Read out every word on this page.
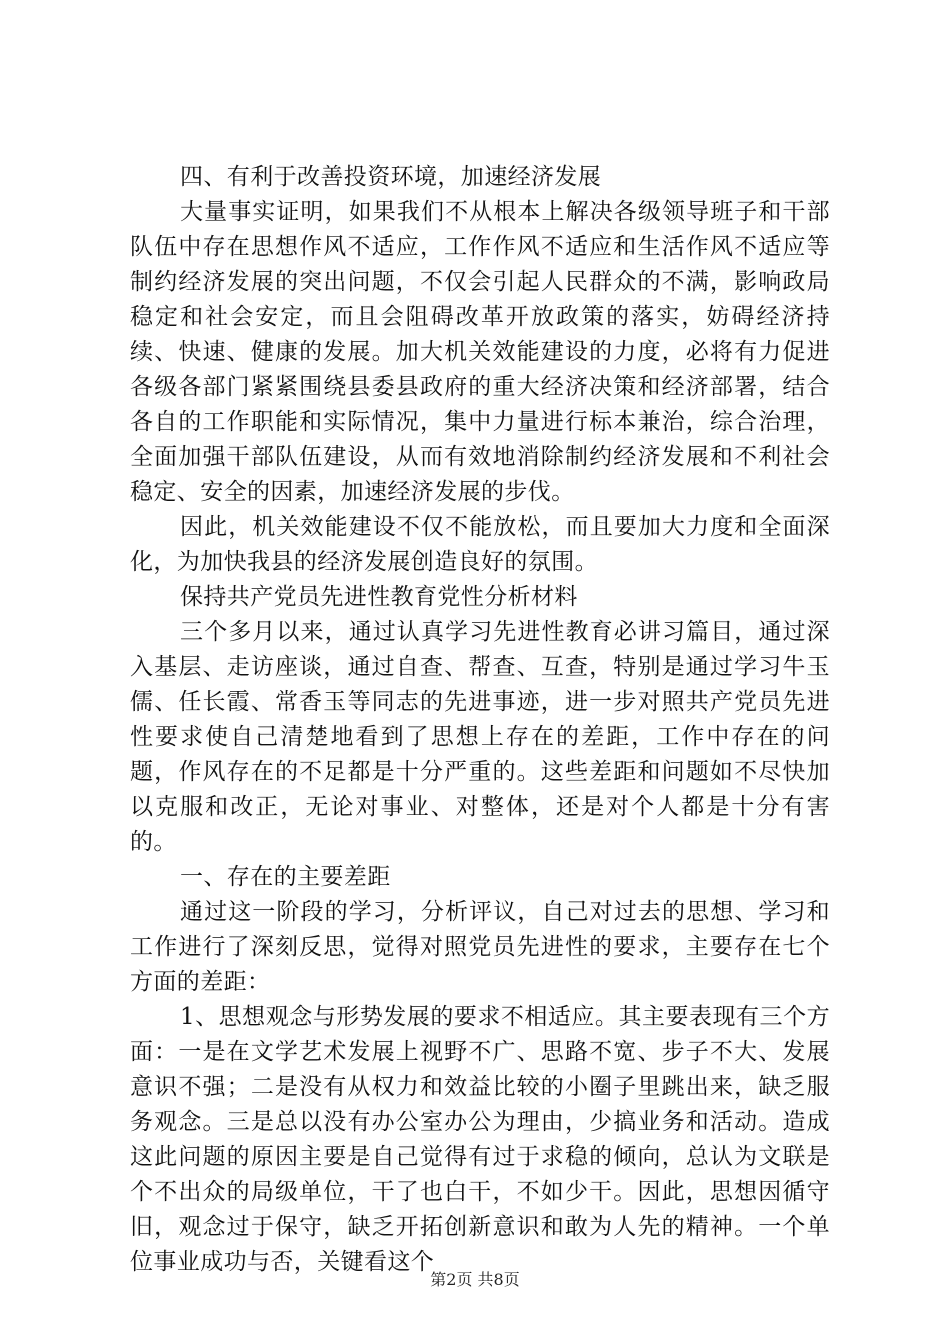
四、有利于改善投资环境，加速经济发展

大量事实证明，如果我们不从根本上解决各级领导班子和干部队伍中存在思想作风不适应，工作作风不适应和生活作风不适应等制约经济发展的突出问题，不仅会引起人民群众的不满，影响政局稳定和社会安定，而且会阻碍改革开放政策的落实，妨碍经济持续、快速、健康的发展。加大机关效能建设的力度，必将有力促进各级各部门紧紧围绕县委县政府的重大经济决策和经济部署，结合各自的工作职能和实际情况，集中力量进行标本兼治，综合治理，全面加强干部队伍建设，从而有效地消除制约经济发展和不利社会稳定、安全的因素，加速经济发展的步伐。

因此，机关效能建设不仅不能放松，而且要加大力度和全面深化，为加快我县的经济发展创造良好的氛围。

保持共产党员先进性教育党性分析材料

三个多月以来，通过认真学习先进性教育必讲习篇目，通过深入基层、走访座谈，通过自查、帮查、互查，特别是通过学习牛玉儒、任长霞、常香玉等同志的先进事迹，进一步对照共产党员先进性要求使自己清楚地看到了思想上存在的差距，工作中存在的问题，作风存在的不足都是十分严重的。这些差距和问题如不尽快加以克服和改正，无论对事业、对整体，还是对个人都是十分有害的。

一、存在的主要差距

通过这一阶段的学习，分析评议，自己对过去的思想、学习和工作进行了深刻反思，觉得对照党员先进性的要求，主要存在七个方面的差距：

1、思想观念与形势发展的要求不相适应。其主要表现有三个方面：一是在文学艺术发展上视野不广、思路不宽、步子不大、发展意识不强；二是没有从权力和效益比较的小圈子里跳出来，缺乏服务观念。三是总以没有办公室办公为理由，少搞业务和活动。造成这此问题的原因主要是自己觉得有过于求稳的倾向，总认为文联是个不出众的局级单位，干了也白干，不如少干。因此，思想因循守旧，观念过于保守，缺乏开拓创新意识和敢为人先的精神。一个单位事业成功与否，关键看这个

第2页 共8页
